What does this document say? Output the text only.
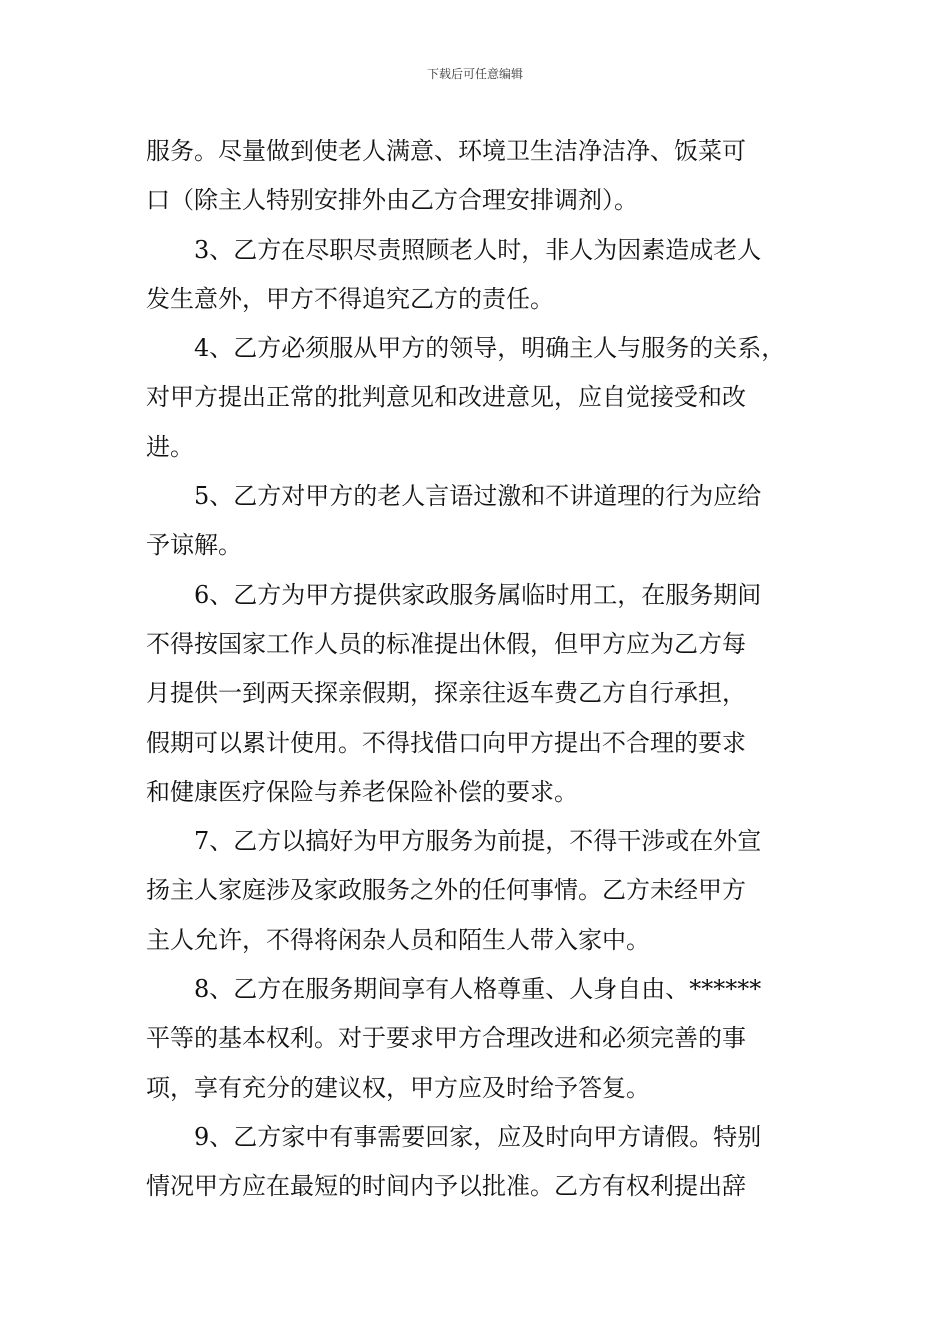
下载后可任意编辑
服务。尽量做到使老人满意、环境卫生洁净洁净、饭菜可
口（除主人特别安排外由乙方合理安排调剂）。
3、乙方在尽职尽责照顾老人时，非人为因素造成老人
发生意外，甲方不得追究乙方的责任。
4、乙方必须服从甲方的领导，明确主人与服务的关系，
对甲方提出正常的批判意见和改进意见，应自觉接受和改
进。
5、乙方对甲方的老人言语过激和不讲道理的行为应给
予谅解。
6、乙方为甲方提供家政服务属临时用工，在服务期间
不得按国家工作人员的标准提出休假，但甲方应为乙方每
月提供一到两天探亲假期，探亲往返车费乙方自行承担，
假期可以累计使用。不得找借口向甲方提出不合理的要求
和健康医疗保险与养老保险补偿的要求。
7、乙方以搞好为甲方服务为前提，不得干涉或在外宣
扬主人家庭涉及家政服务之外的任何事情。乙方未经甲方
主人允许，不得将闲杂人员和陌生人带入家中。
8、乙方在服务期间享有人格尊重、人身自由、******
平等的基本权利。对于要求甲方合理改进和必须完善的事
项，享有充分的建议权，甲方应及时给予答复。
9、乙方家中有事需要回家，应及时向甲方请假。特别
情况甲方应在最短的时间内予以批准。乙方有权利提出辞
